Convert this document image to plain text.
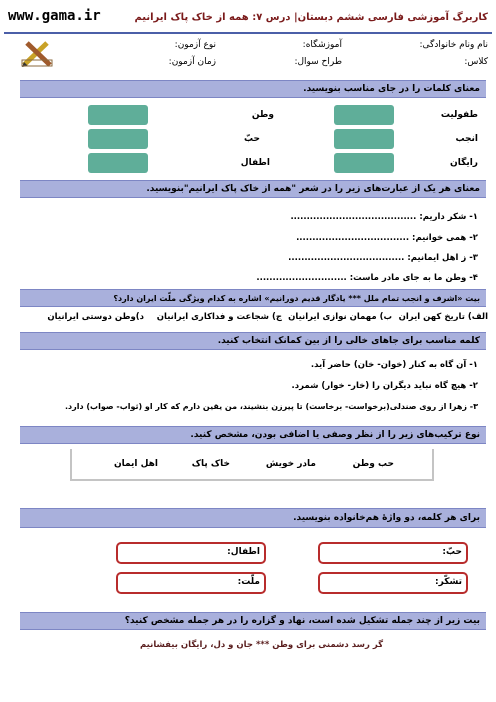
کاربرگ آموزشی فارسی ششم دبستان| درس ۷: همه از خاک پاک ایرانیم
www.gama.ir
نام ونام خانوادگی:
آموزشگاه:
نوع آزمون:
کلاس:
طراح سوال:
زمان آزمون:
معنای کلمات را در جای مناسب بنویسید.
طفولیت
وطن
انجب
حبّ
رایگان
اطفال
معنای هر یک از عبارت‌های زیر را در شعر "همه از خاک پاک ایرانیم"بنویسید.
۱- شکر داریم: .......................................
۲- همی خوانیم: ...................................
۳- ز اهل ایمانیم: ....................................
۴- وطن ما به جای مادر ماست: ............................
بیت «اشرف و انجب تمام ملل *** یادگار قدیم دورانیم» اشاره به کدام ویژگی ملّت ایران دارد؟
الف) تاریخ کهن ایران
ب) مهمان نوازی ایرانیان
ج) شجاعت و فداکاری ایرانیان
د)وطن دوستی ایرانیان
کلمه مناسب برای جاهای خالی را از بین کمانک انتخاب کنید.
۱- آن گاه به کنار (خوان- خان) حاضر آید.
۲- هیچ گاه نباید دیگران را (خار- خوار) شمرد.
۳- زهرا از روی صندلی(برخواست- برخاست) تا پیرزن بنشیند، من یقین دارم که کار او (ثواب- صواب) دارد.
نوع ترکیب‌های زیر را از نظر وصفی یا اضافی بودن، مشخص کنید.
حب وطن
مادر خویش
خاک پاک
اهل ایمان
برای هر کلمه، دو واژۀ هم‌خانواده بنویسید.
حبّ:
اطفال:
تشکّر:
ملّت:
بیت زیر از چند جمله تشکیل شده است، نهاد و گزاره را در هر جمله مشخص کنید؟
گر رسد دشمنی برای وطن *** جان و دل، رایگان بیفشانیم
